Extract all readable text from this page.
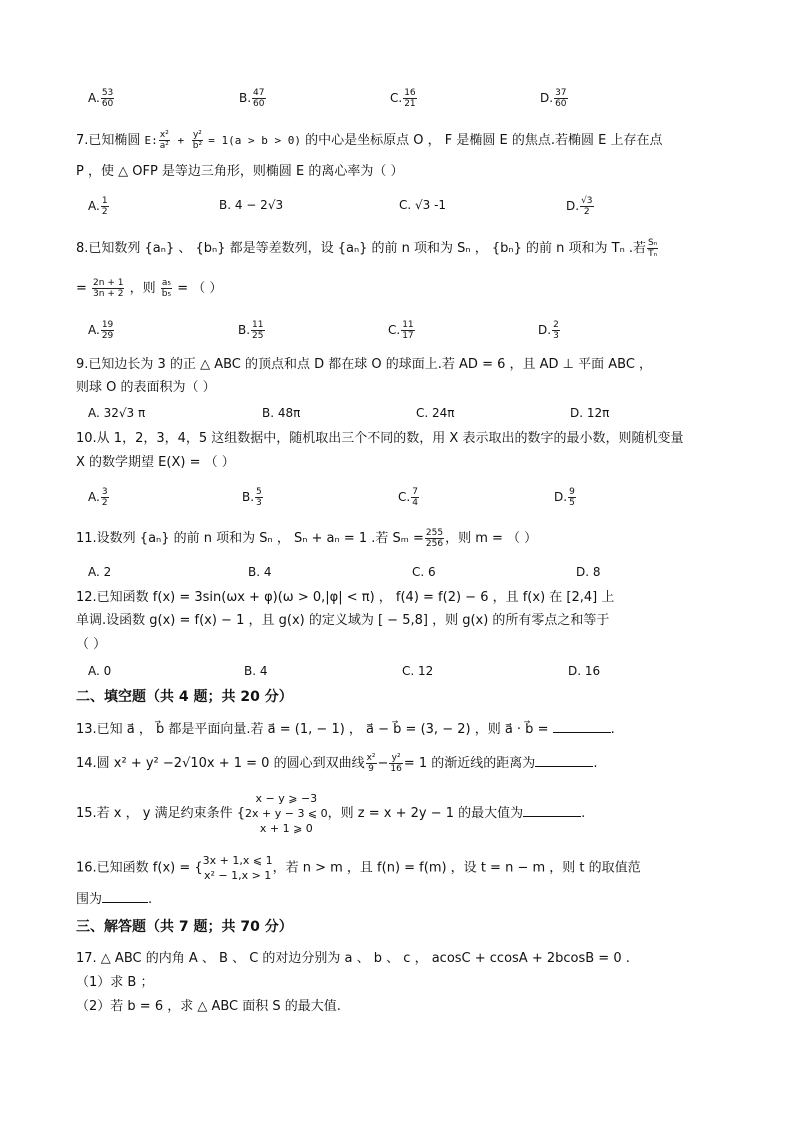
A. $\frac{53}{60}$	B. $\frac{47}{60}$	C. $\frac{16}{21}$	D. $\frac{37}{60}$
7.已知椭圆 E: $\frac{\text{x²}}{\text{a²}} + \frac{\text{y²}}{\text{b²}} = 1(a > b > 0)$ 的中心是坐标原点 O ， F 是椭圆 E 的焦点.若椭圆 E 上存在点
P ，使 △ OFP 是等边三角形，则椭圆 E 的离心率为（ ）
A. $\frac{1}{2}$	B. 4 − 2√3	C. √3 -1	D. $\frac{√3}{2}$
8.已知数列 {aₙ} 、 {bₙ} 都是等差数列，设 {aₙ} 的前 n 项和为 Sₙ ， {bₙ} 的前 n 项和为 Tₙ .若 $\frac{\text{Sₙ}}{\text{Tₙ}}$
= $\frac{2n + 1}{3n + 2}$ ，则 $\frac{\text{a₅}}{\text{b₅}}$ = （ ）
A. $\frac{19}{29}$	B. $\frac{11}{25}$	C. $\frac{11}{17}$	D. $\frac{2}{3}$
9.已知边长为 3 的正 △ ABC 的顶点和点 D 都在球 O 的球面上.若 AD = 6 ，且 AD ⊥ 平面 ABC ，
则球 O 的表面积为（ ）
A. 32√3 π	B. 48π	C. 24π	D. 12π
10.从 1，2，3，4，5 这组数据中，随机取出三个不同的数，用 X 表示取出的数字的最小数，则随机变量
X 的数学期望 E(X) = （ ）
A. $\frac{3}{2}$	B. $\frac{5}{3}$	C. $\frac{7}{4}$	D. $\frac{9}{5}$
11.设数列 {aₙ} 的前 n 项和为 Sₙ ， Sₙ + aₙ = 1 .若 $S_m = \frac{255}{256}$ ，则 m = （ ）
A. 2	B. 4	C. 6	D. 8
12.已知函数 f(x) = 3sin(ωx + φ)(ω > 0,|φ| < π) ， f(4) = f(2) − 6 ，且 f(x) 在 [2,4] 上
单调.设函数 g(x) = f(x) − 1 ，且 g(x) 的定义域为 [ − 5,8] ，则 g(x) 的所有零点之和等于
（ ）
A. 0	B. 4	C. 12	D. 16
二、填空题（共 4 题；共 20 分）
13.已知 a⃗ ， b⃗ 都是平面向量.若 a⃗ = (1, − 1) ， a⃗ − b⃗ = (3, − 2) ，则 a⃗ · b⃗ =	.
14.圆 x² + y² −2√10x + 1 = 0 的圆心到双曲线 $\frac{\text{x²}}{9} - \frac{\text{y²}}{16} = 1$ 的渐近线的距离为	.
15.若 x ， y 满足约束条件 {
x − y ⩾ −3
2x + y − 3 ⩽ 0
x + 1 ⩾ 0
，则 z = x + 2y − 1 的最大值为	.
16.已知函数 f(x) = { 3x + 1,x ⩽ 1
x² − 1,x > 1 ，若 n > m ，且 f(n) = f(m) ，设 t = n − m ，则 t 的取值范
围为	.
三、解答题（共 7 题；共 70 分）
17. △ ABC 的内角 A 、 B 、 C 的对边分别为 a 、 b 、 c ， acosC + ccosA + 2bcosB = 0 .
（1）求 B ；
（2）若 b = 6 ，求 △ ABC 面积 S 的最大值.
